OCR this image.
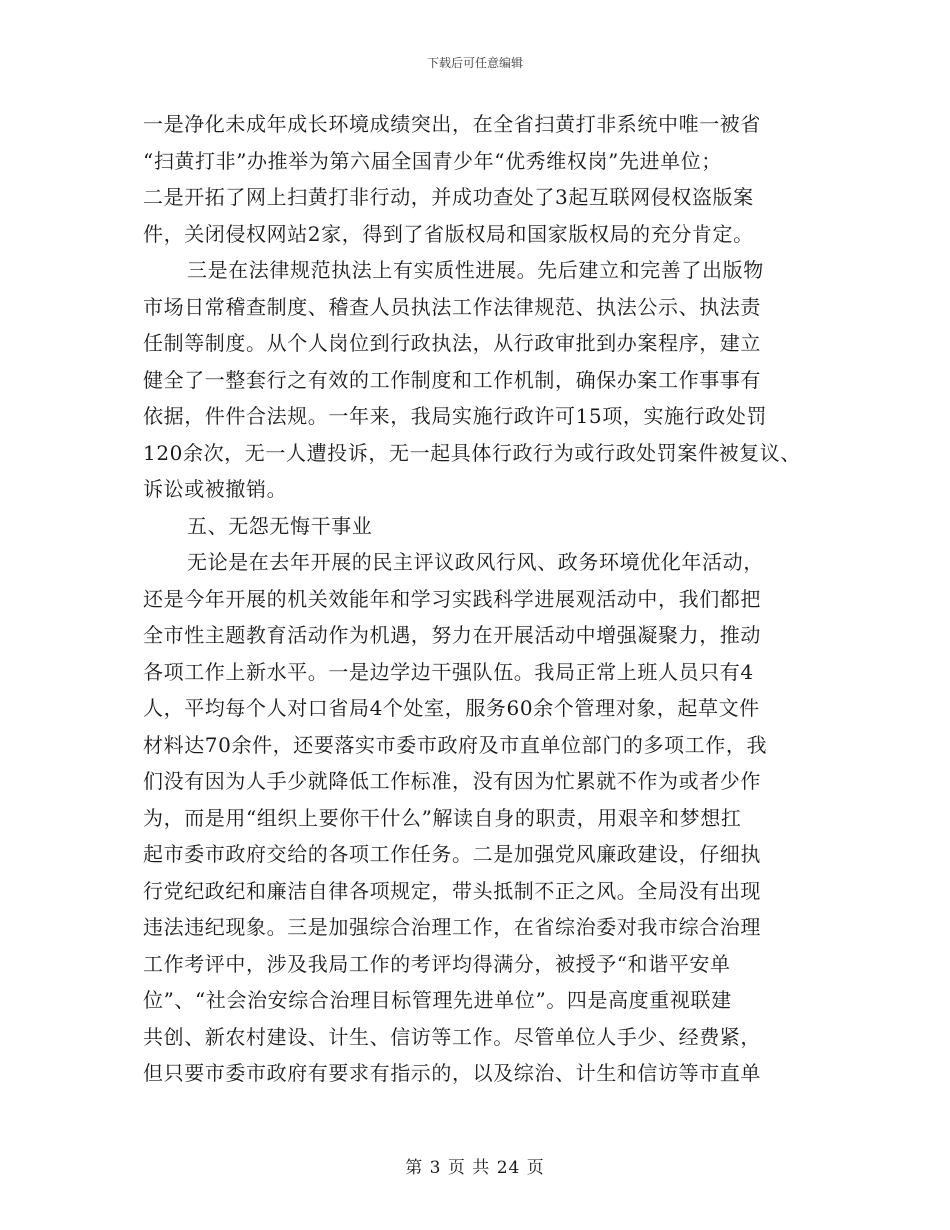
下载后可任意编辑
一是净化未成年成长环境成绩突出，在全省扫黄打非系统中唯一被省
“扫黄打非”办推举为第六届全国青少年“优秀维权岗”先进单位；
二是开拓了网上扫黄打非行动，并成功查处了3起互联网侵权盗版案
件，关闭侵权网站2家，得到了省版权局和国家版权局的充分肯定。
三是在法律规范执法上有实质性进展。先后建立和完善了出版物
市场日常稽查制度、稽查人员执法工作法律规范、执法公示、执法责
任制等制度。从个人岗位到行政执法，从行政审批到办案程序，建立
健全了一整套行之有效的工作制度和工作机制，确保办案工作事事有
依据，件件合法规。一年来，我局实施行政许可15项，实施行政处罚
120余次，无一人遭投诉，无一起具体行政行为或行政处罚案件被复议、
诉讼或被撤销。
五、无怨无悔干事业
无论是在去年开展的民主评议政风行风、政务环境优化年活动，
还是今年开展的机关效能年和学习实践科学进展观活动中，我们都把
全市性主题教育活动作为机遇，努力在开展活动中增强凝聚力，推动
各项工作上新水平。一是边学边干强队伍。我局正常上班人员只有4
人，平均每个人对口省局4个处室，服务60余个管理对象，起草文件
材料达70余件，还要落实市委市政府及市直单位部门的多项工作，我
们没有因为人手少就降低工作标准，没有因为忙累就不作为或者少作
为，而是用“组织上要你干什么”解读自身的职责，用艰辛和梦想扛
起市委市政府交给的各项工作任务。二是加强党风廉政建设，仔细执
行党纪政纪和廉洁自律各项规定，带头抵制不正之风。全局没有出现
违法违纪现象。三是加强综合治理工作，在省综治委对我市综合治理
工作考评中，涉及我局工作的考评均得满分，被授予“和谐平安单
位”、“社会治安综合治理目标管理先进单位”。四是高度重视联建
共创、新农村建设、计生、信访等工作。尽管单位人手少、经费紧，
但只要市委市政府有要求有指示的，以及综治、计生和信访等市直单
第 3 页 共 24 页
